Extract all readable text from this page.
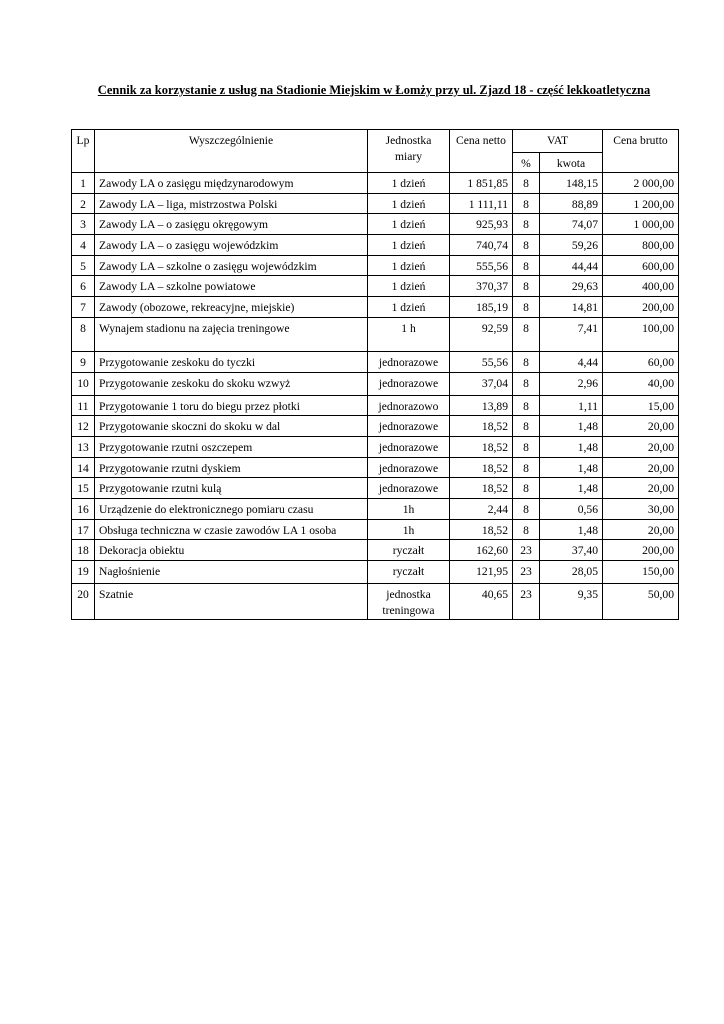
Cennik za korzystanie z usług na Stadionie Miejskim w Łomży przy ul. Zjazd 18 - część lekkoatletyczna
Lp	Wyszczególnienie	Jednostka miary	Cena netto	VAT		Cena brutto
				%	kwota	
1	Zawody LA o zasięgu międzynarodowym	1 dzień	1 851,85	8	148,15	2 000,00
2	Zawody LA – liga, mistrzostwa Polski	1 dzień	1 111,11	8	88,89	1 200,00
3	Zawody LA – o zasięgu okręgowym	1 dzień	925,93	8	74,07	1 000,00
4	Zawody LA – o zasięgu wojewódzkim	1 dzień	740,74	8	59,26	800,00
5	Zawody LA – szkolne o zasięgu wojewódzkim	1 dzień	555,56	8	44,44	600,00
6	Zawody LA – szkolne powiatowe	1 dzień	370,37	8	29,63	400,00
7	Zawody (obozowe, rekreacyjne, miejskie)	1 dzień	185,19	8	14,81	200,00
8	Wynajem stadionu na zajęcia treningowe	1 h	92,59	8	7,41	100,00
9	Przygotowanie zeskoku do tyczki	jednorazowe	55,56	8	4,44	60,00
10	Przygotowanie zeskoku do skoku wzwyż	jednorazowe	37,04	8	2,96	40,00
11	Przygotowanie 1 toru do biegu przez płotki	jednorazowo	13,89	8	1,11	15,00
12	Przygotowanie skoczni do skoku w dal	jednorazowe	18,52	8	1,48	20,00
13	Przygotowanie rzutni oszczepem	jednorazowe	18,52	8	1,48	20,00
14	Przygotowanie rzutni dyskiem	jednorazowe	18,52	8	1,48	20,00
15	Przygotowanie rzutni kulą	jednorazowe	18,52	8	1,48	20,00
16	Urządzenie do elektronicznego pomiaru czasu	1h	2,44	8	0,56	30,00
17	Obsługa techniczna w czasie zawodów LA 1 osoba	1h	18,52	8	1,48	20,00
18	Dekoracja obiektu	ryczałt	162,60	23	37,40	200,00
19	Nagłośnienie	ryczałt	121,95	23	28,05	150,00
20	Szatnie	jednostka treningowa	40,65	23	9,35	50,00
